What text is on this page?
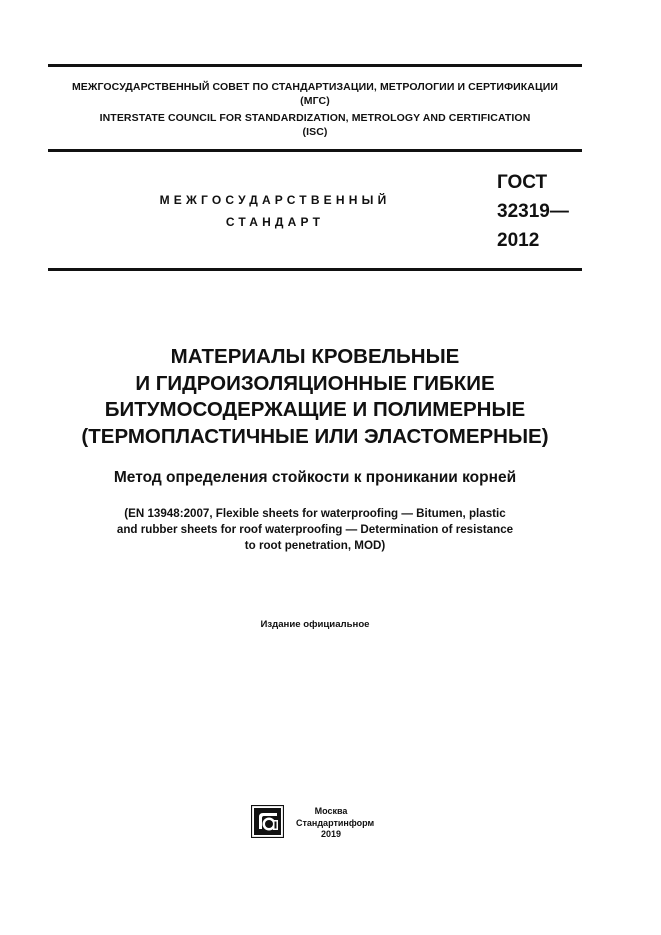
МЕЖГОСУДАРСТВЕННЫЙ СОВЕТ ПО СТАНДАРТИЗАЦИИ, МЕТРОЛОГИИ И СЕРТИФИКАЦИИ
(МГС)
INTERSTATE COUNCIL FOR STANDARDIZATION, METROLOGY AND CERTIFICATION
(ISC)
МЕЖГОСУДАРСТВЕННЫЙ
СТАНДАРТ
ГОСТ
32319—
2012
МАТЕРИАЛЫ КРОВЕЛЬНЫЕ
И ГИДРОИЗОЛЯЦИОННЫЕ ГИБКИЕ
БИТУМОСОДЕРЖАЩИЕ И ПОЛИМЕРНЫЕ
(ТЕРМОПЛАСТИЧНЫЕ ИЛИ ЭЛАСТОМЕРНЫЕ)
Метод определения стойкости к проникании корней
(EN 13948:2007, Flexible sheets for waterproofing — Bitumen, plastic
and rubber sheets for roof waterproofing — Determination of resistance
to root penetration, MOD)
Издание официальное
Москва
Стандартинформ
2019
